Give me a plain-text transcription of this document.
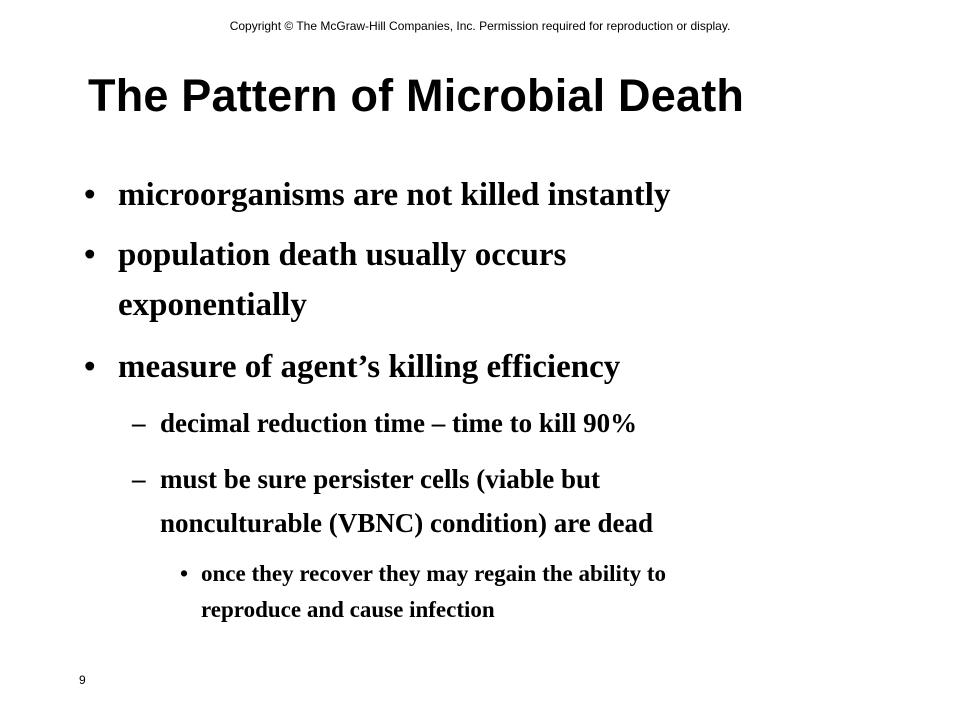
Copyright © The McGraw-Hill Companies, Inc. Permission required for reproduction or display.
The Pattern of Microbial Death
• microorganisms are not killed instantly
• population death usually occurs
exponentially
• measure of agent’s killing efficiency
– decimal reduction time – time to kill 90%
– must be sure persister cells (viable but
nonculturable (VBNC) condition) are dead
• once they recover they may regain the ability to
reproduce and cause infection
9
